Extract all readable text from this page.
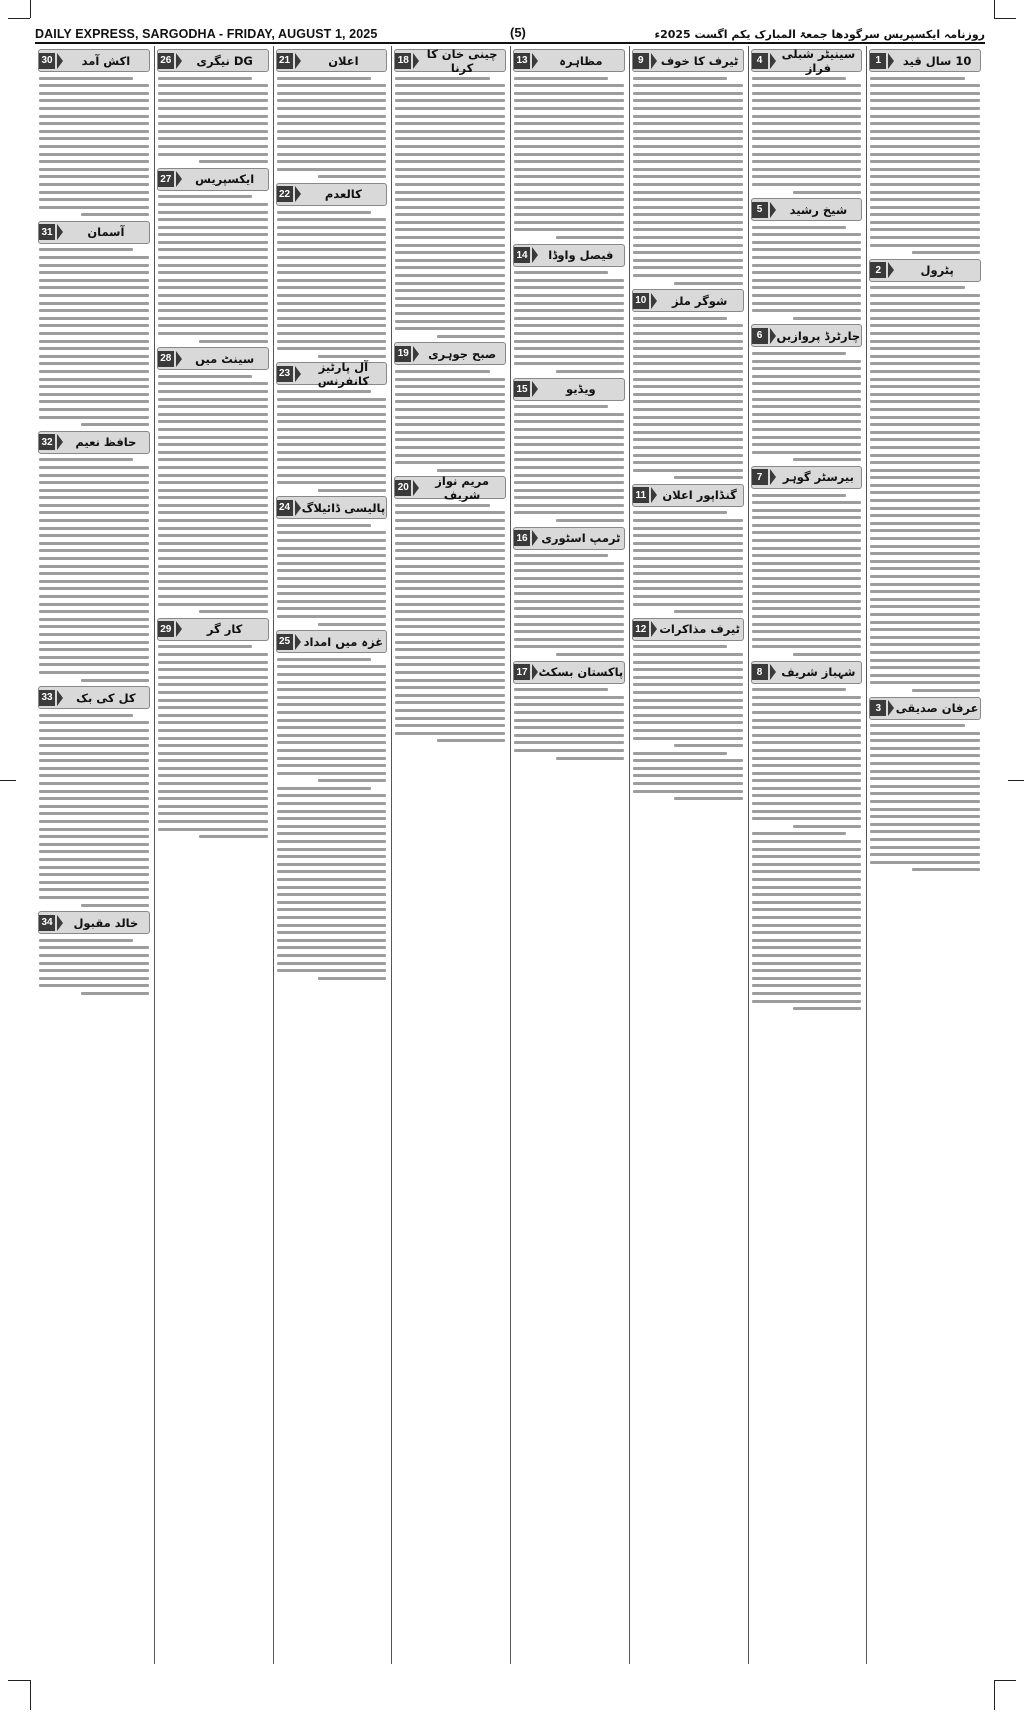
DAILY EXPRESS, SARGODHA - FRIDAY, AUGUST 1, 2025	(5)	روزنامہ ایکسپریس سرگودھا جمعۃ المبارک یکم اگست 2025ء
10 سال قید
1
پٹرول
2
عرفان صدیقی
3
سینیٹر شبلی فراز
4
شیخ رشید
5
چارٹرڈ پروازیں
6
بیرسٹر گوہر
7
شہباز شریف
8
ٹیرف کا خوف
9
شوگر ملز
10
گنڈاپور اعلان
11
ٹیرف مذاکرات
12
مظاہرہ
13
فیصل واوڈا
14
ویڈیو
15
ٹرمپ اسٹوری
16
پاکستان بسکٹ
17
چینی خان کا کرنا
18
صبح جوہری
19
مریم نواز شریف
20
اعلان
21
کالعدم
22
آل پارٹیز کانفرنس
23
پالیسی ڈائیلاگ
24
غزہ میں امداد
25
DG نیگری
26
ایکسپریس
27
سینٹ میں
28
کار گر
29
اکش آمد
30
آسمان
31
حافظ نعیم
32
کل کی بک
33
خالد مقبول
34
